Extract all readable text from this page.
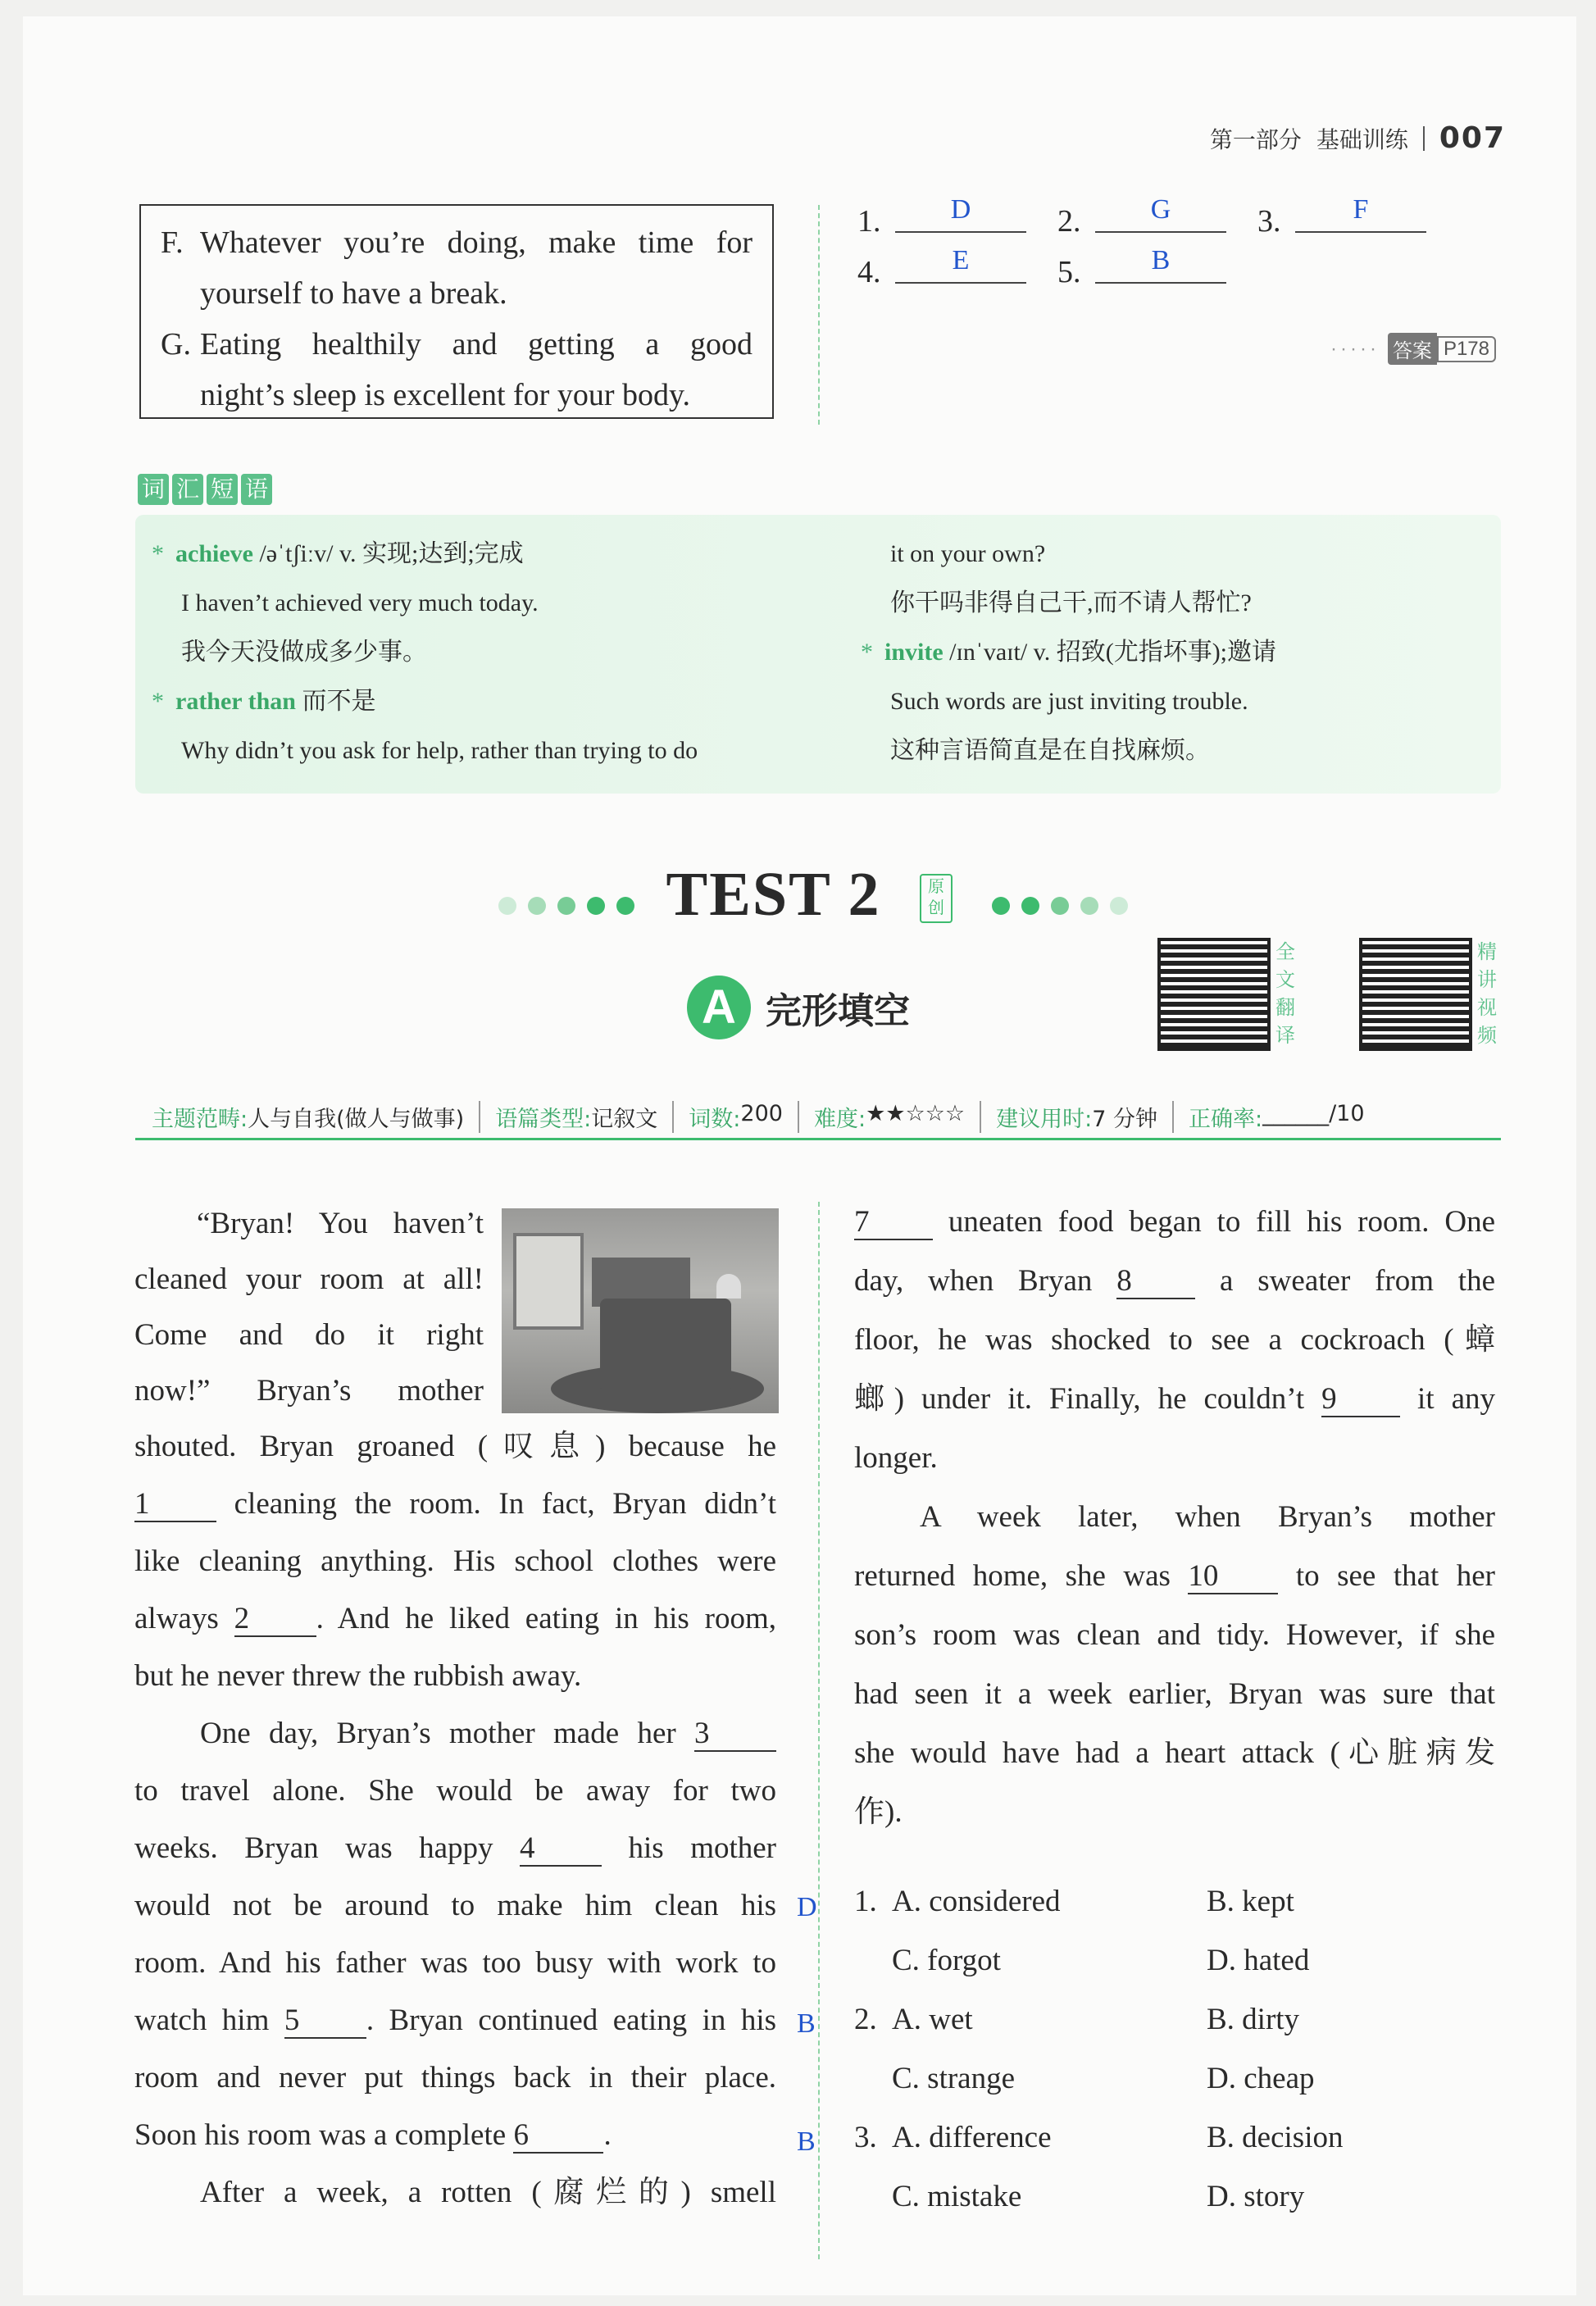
第一部分 基础训练 007
F. Whatever you’re doing, make time for
yourself to have a break.
G. Eating healthily and getting a good
night’s sleep is excellent for your body.
1.	D	2.	G	3.	F
4.	E	5.	B
····· 答案 P178
词 汇 短 语
* achieve /əˈtʃiːv/ v. 实现;达到;完成
I haven’t achieved very much today.
我今天没做成多少事。
* rather than 而不是
Why didn’t you ask for help, rather than trying to do
it on your own?
你干吗非得自己干,而不请人帮忙?
* invite /ɪnˈvaɪt/ v. 招致(尤指坏事);邀请
Such words are just inviting trouble.
这种言语简直是在自找麻烦。
TEST 2	原创
A 完形填空
全
文
翻
译
精
讲
视
频
主题范畴: 人与自我(做人与做事) 语篇类型: 记叙文 词数: 200 难度: ★★☆☆☆ 建议用时: 7 分钟 正确率: ______/10
“Bryan! You haven’t
cleaned your room at all!
Come and do it right
now!” Bryan’s mother
shouted. Bryan groaned (叹息) because he
1 cleaning the room. In fact, Bryan didn’t
like cleaning anything. His school clothes were
always 2 . And he liked eating in his room,
but he never threw the rubbish away.
One day, Bryan’s mother made her 3
to travel alone. She would be away for two
weeks. Bryan was happy 4 his mother
would not be around to make him clean his
room. And his father was too busy with work to
watch him 5 . Bryan continued eating in his
room and never put things back in their place.
Soon his room was a complete 6 .
After a week, a rotten (腐烂的) smell
D
B
B
7 uneaten food began to fill his room. One
day, when Bryan 8 a sweater from the
floor, he was shocked to see a cockroach (蟑
螂) under it. Finally, he couldn’t 9 it any
longer.
A week later, when Bryan’s mother
returned home, she was 10 to see that her
son’s room was clean and tidy. However, if she
had seen it a week earlier, Bryan was sure that
she would have had a heart attack (心脏病发
作).
1. A. considered	B. kept
C. forgot	D. hated
2. A. wet	B. dirty
C. strange	D. cheap
3. A. difference	B. decision
C. mistake	D. story
